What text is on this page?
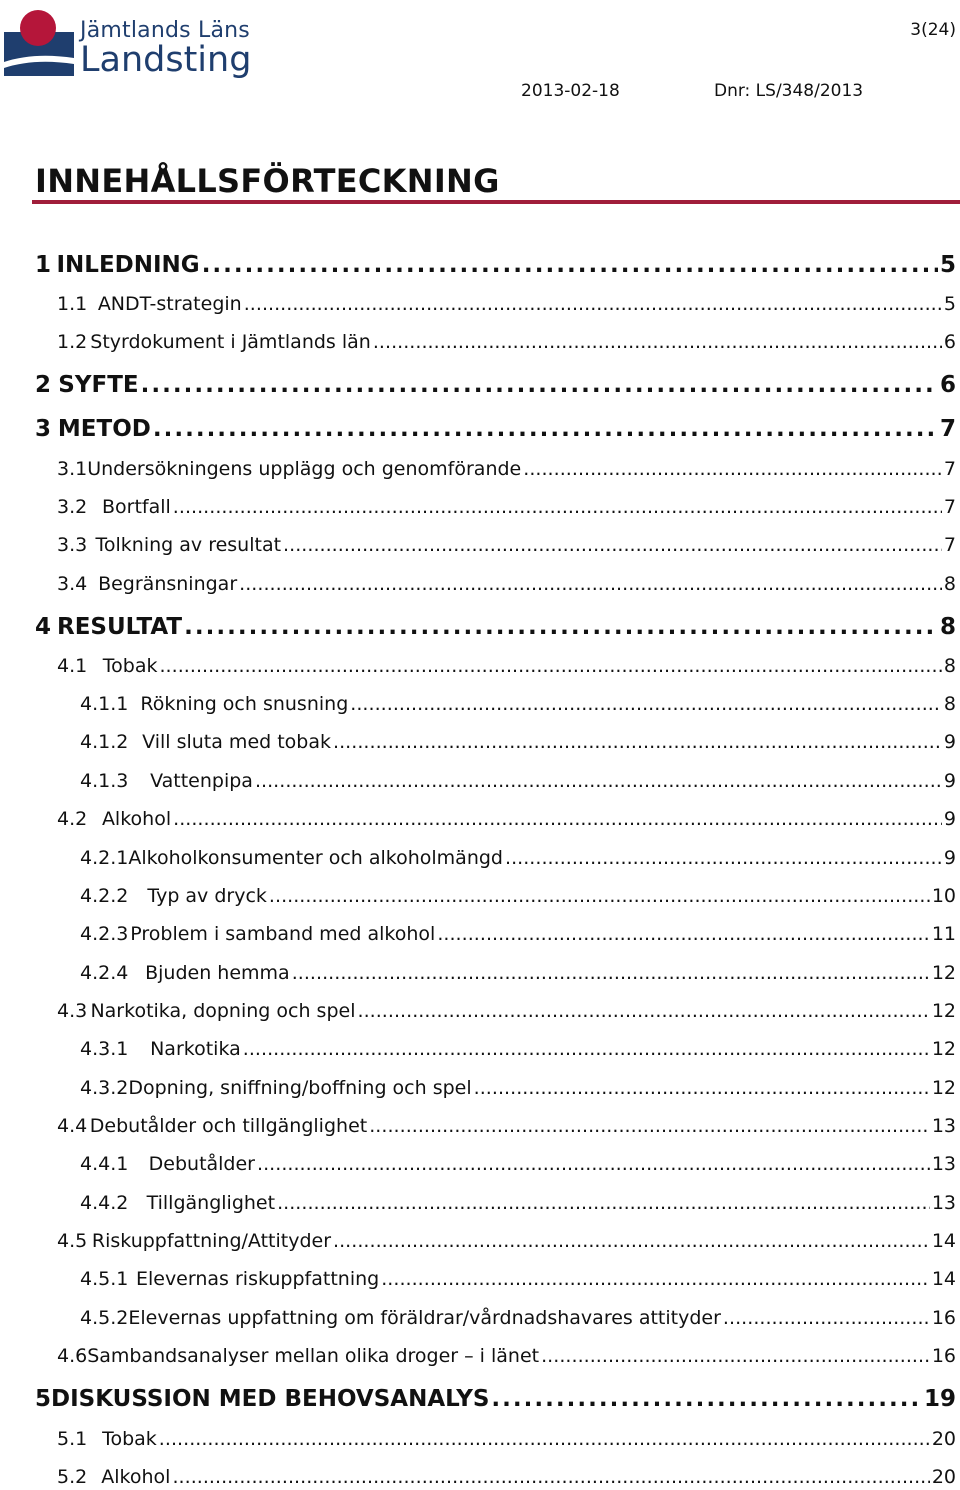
Jämtlands Läns
Landsting
3(24)
2013-02-18	Dnr: LS/348/2013
INNEHÅLLSFÖRTECKNING
1 INLEDNING . . .	5
1.1 ANDT-strategin . . .	5
1.2 Styrdokument i Jämtlands län . . .	6
2 SYFTE . . .	6
3 METOD . . .	7
3.1 Undersökningens upplägg och genomförande . . .	7
3.2 Bortfall . . .	7
3.3 Tolkning av resultat . . .	7
3.4 Begränsningar . . .	8
4 RESULTAT . . .	8
4.1 Tobak . . .	8
4.1.1 Rökning och snusning . . .	8
4.1.2 Vill sluta med tobak . . .	9
4.1.3	Vattenpipa . . .	9
4.2 Alkohol . . .	9
4.2.1 Alkoholkonsumenter och alkoholmängd . . .	9
4.2.2	Typ av dryck . . .	10
4.2.3 Problem i samband med alkohol . . .	11
4.2.4 Bjuden hemma . . .	12
4.3 Narkotika, dopning och spel . . .	12
4.3.1	Narkotika . . .	12
4.3.2 Dopning, sniffning/boffning och spel . . .	12
4.4 Debutålder och tillgänglighet . . .	13
4.4.1	Debutålder . . .	13
4.4.2 Tillgänglighet . . .	13
4.5 Riskuppfattning/Attityder . . .	14
4.5.1 Elevernas riskuppfattning . . .	14
4.5.2 Elevernas uppfattning om föräldrar/vårdnadshavares attityder . . .	16
4.6 Sambandsanalyser mellan olika droger – i länet . . .	16
5 DISKUSSION MED BEHOVSANALYS . . .	19
5.1 Tobak . . .	20
5.2 Alkohol . . .	20
